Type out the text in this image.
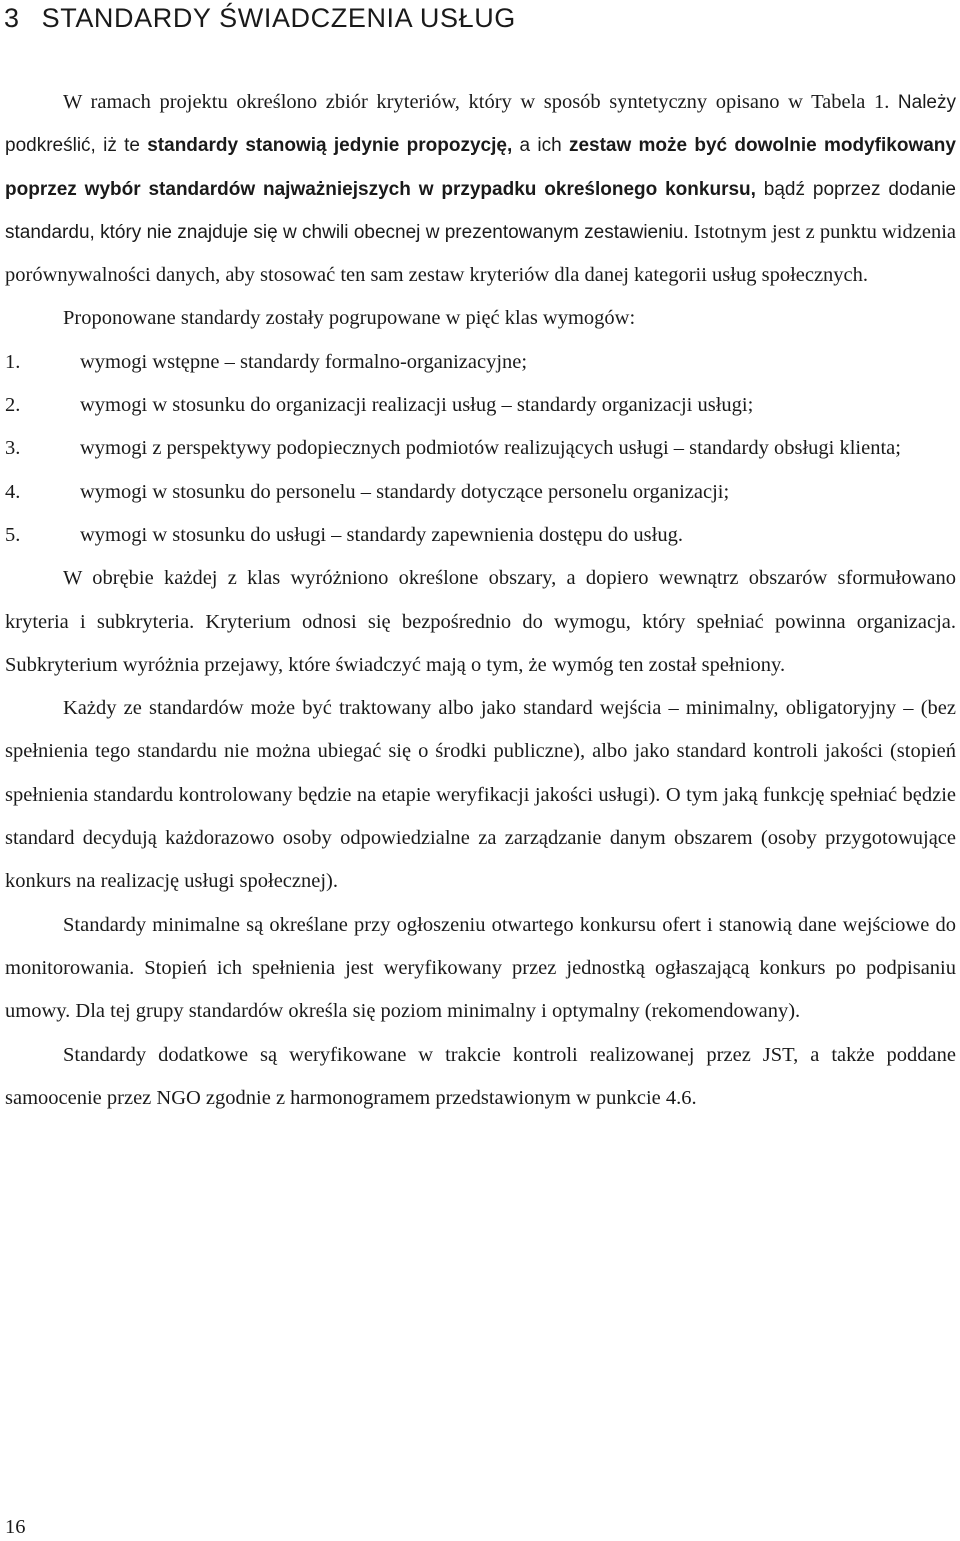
3 STANDARDY ŚWIADCZENIA USŁUG

W ramach projektu określono zbiór kryteriów, który w sposób syntetyczny opisano w Tabela 1. Należy podkreślić, iż te standardy stanowią jedynie propozycję, a ich zestaw może być dowolnie modyfikowany poprzez wybór standardów najważniejszych w przypadku określonego konkursu, bądź poprzez dodanie standardu, który nie znajduje się w chwili obecnej w prezentowanym zestawieniu. Istotnym jest z punktu widzenia porównywalności danych, aby stosować ten sam zestaw kryteriów dla danej kategorii usług społecznych.

Proponowane standardy zostały pogrupowane w pięć klas wymogów:

1.	wymogi wstępne – standardy formalno-organizacyjne;
2.	wymogi w stosunku do organizacji realizacji usług – standardy organizacji usługi;
3.	wymogi z perspektywy podopiecznych podmiotów realizujących usługi – standardy obsługi klienta;
4.	wymogi w stosunku do personelu – standardy dotyczące personelu organizacji;
5.	wymogi w stosunku do usługi – standardy zapewnienia dostępu do usług.

W obrębie każdej z klas wyróżniono określone obszary, a dopiero wewnątrz obszarów sformułowano kryteria i subkryteria. Kryterium odnosi się bezpośrednio do wymogu, który spełniać powinna organizacja. Subkryterium wyróżnia przejawy, które świadczyć mają o tym, że wymóg ten został spełniony.

Każdy ze standardów może być traktowany albo jako standard wejścia – minimalny, obligatoryjny – (bez spełnienia tego standardu nie można ubiegać się o środki publiczne), albo jako standard kontroli jakości (stopień spełnienia standardu kontrolowany będzie na etapie weryfikacji jakości usługi). O tym jaką funkcję spełniać będzie standard decydują każdorazowo osoby odpowiedzialne za zarządzanie danym obszarem (osoby przygotowujące konkurs na realizację usługi społecznej).

Standardy minimalne są określane przy ogłoszeniu otwartego konkursu ofert i stanowią dane wejściowe do monitorowania. Stopień ich spełnienia jest weryfikowany przez jednostką ogłaszającą konkurs po podpisaniu umowy. Dla tej grupy standardów określa się poziom minimalny i optymalny (rekomendowany).

Standardy dodatkowe są weryfikowane w trakcie kontroli realizowanej przez JST, a także poddane samoocenie przez NGO zgodnie z harmonogramem przedstawionym w punkcie 4.6.

16
